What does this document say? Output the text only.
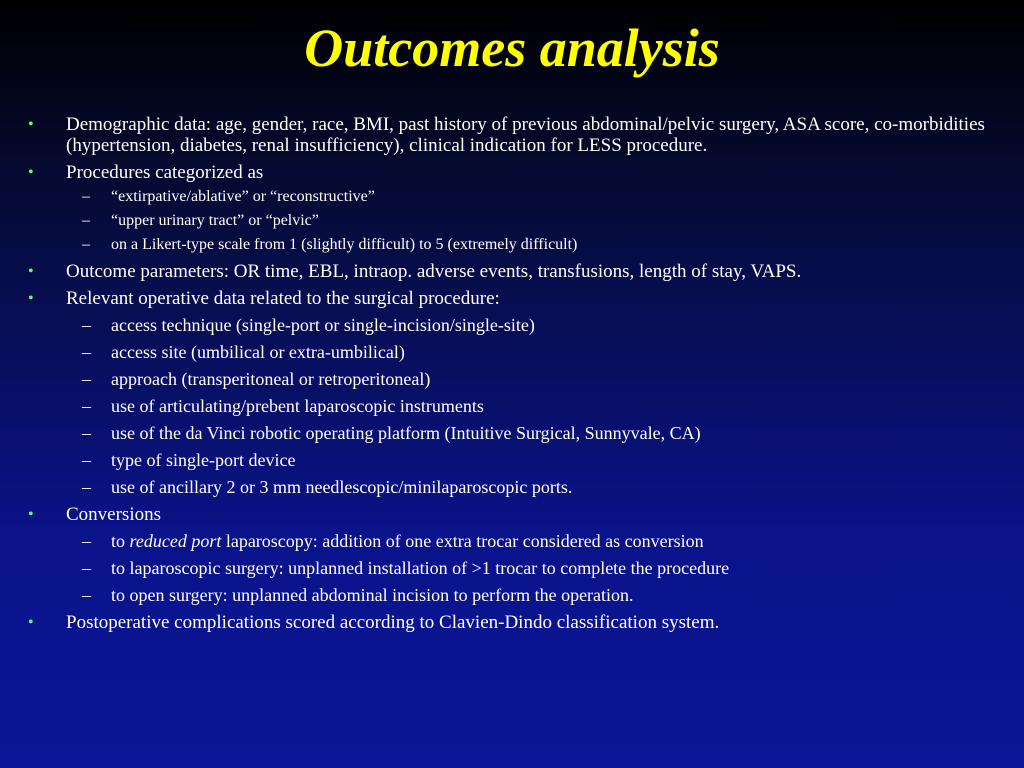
Outcomes analysis
• Demographic data: age, gender, race, BMI, past history of previous abdominal/pelvic surgery, ASA score, co-morbidities (hypertension, diabetes, renal insufficiency), clinical indication for LESS procedure.
• Procedures categorized as
– “extirpative/ablative” or “reconstructive”
– “upper urinary tract” or “pelvic”
– on a Likert-type scale from 1 (slightly difficult) to 5 (extremely difficult)
• Outcome parameters: OR time, EBL, intraop. adverse events, transfusions, length of stay, VAPS.
• Relevant operative data related to the surgical procedure:
– access technique (single-port or single-incision/single-site)
– access site (umbilical or extra-umbilical)
– approach (transperitoneal or retroperitoneal)
– use of articulating/prebent laparoscopic instruments
– use of the da Vinci robotic operating platform (Intuitive Surgical, Sunnyvale, CA)
– type of single-port device
– use of ancillary 2 or 3 mm needlescopic/minilaparoscopic ports.
• Conversions
– to reduced port laparoscopy: addition of one extra trocar considered as conversion
– to laparoscopic surgery: unplanned installation of >1 trocar to complete the procedure
– to open surgery: unplanned abdominal incision to perform the operation.
• Postoperative complications scored according to Clavien-Dindo classification system.
